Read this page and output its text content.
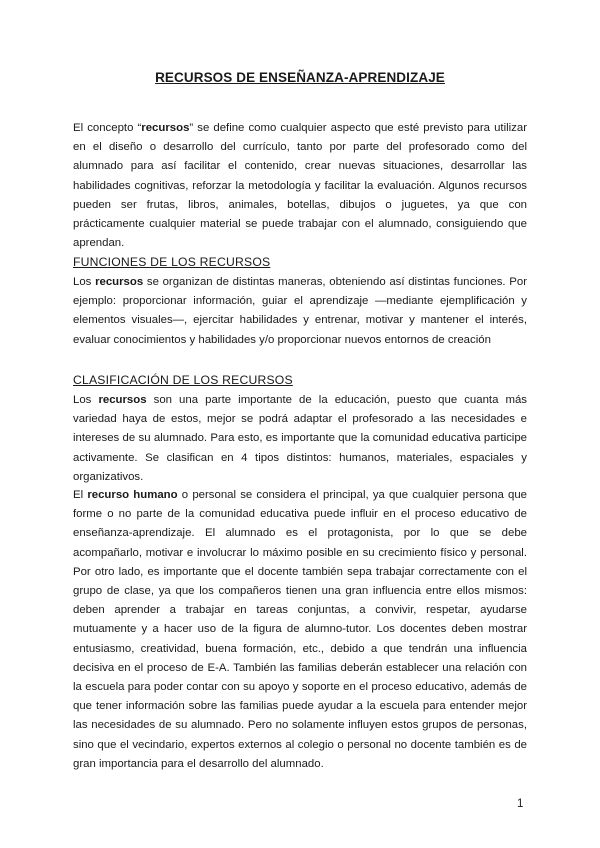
RECURSOS DE ENSEÑANZA-APRENDIZAJE
El concepto “recursos” se define como cualquier aspecto que esté previsto para utilizar en el diseño o desarrollo del currículo, tanto por parte del profesorado como del alumnado para así facilitar el contenido, crear nuevas situaciones, desarrollar las habilidades cognitivas, reforzar la metodología y facilitar la evaluación. Algunos recursos pueden ser frutas, libros, animales, botellas, dibujos o juguetes, ya que con prácticamente cualquier material se puede trabajar con el alumnado, consiguiendo que aprendan.
FUNCIONES DE LOS RECURSOS
Los recursos se organizan de distintas maneras, obteniendo así distintas funciones. Por ejemplo: proporcionar información, guiar el aprendizaje —mediante ejemplificación y elementos visuales—, ejercitar habilidades y entrenar, motivar y mantener el interés, evaluar conocimientos y habilidades y/o proporcionar nuevos entornos de creación
CLASIFICACIÓN DE LOS RECURSOS
Los recursos son una parte importante de la educación, puesto que cuanta más variedad haya de estos, mejor se podrá adaptar el profesorado a las necesidades e intereses de su alumnado. Para esto, es importante que la comunidad educativa participe activamente. Se clasifican en 4 tipos distintos: humanos, materiales, espaciales y organizativos.
El recurso humano o personal se considera el principal, ya que cualquier persona que forme o no parte de la comunidad educativa puede influir en el proceso educativo de enseñanza-aprendizaje. El alumnado es el protagonista, por lo que se debe acompañarlo, motivar e involucrar lo máximo posible en su crecimiento físico y personal. Por otro lado, es importante que el docente también sepa trabajar correctamente con el grupo de clase, ya que los compañeros tienen una gran influencia entre ellos mismos: deben aprender a trabajar en tareas conjuntas, a convivir, respetar, ayudarse mutuamente y a hacer uso de la figura de alumno-tutor. Los docentes deben mostrar entusiasmo, creatividad, buena formación, etc., debido a que tendrán una influencia decisiva en el proceso de E-A. También las familias deberán establecer una relación con la escuela para poder contar con su apoyo y soporte en el proceso educativo, además de que tener información sobre las familias puede ayudar a la escuela para entender mejor las necesidades de su alumnado. Pero no solamente influyen estos grupos de personas, sino que el vecindario, expertos externos al colegio o personal no docente también es de gran importancia para el desarrollo del alumnado.
1
